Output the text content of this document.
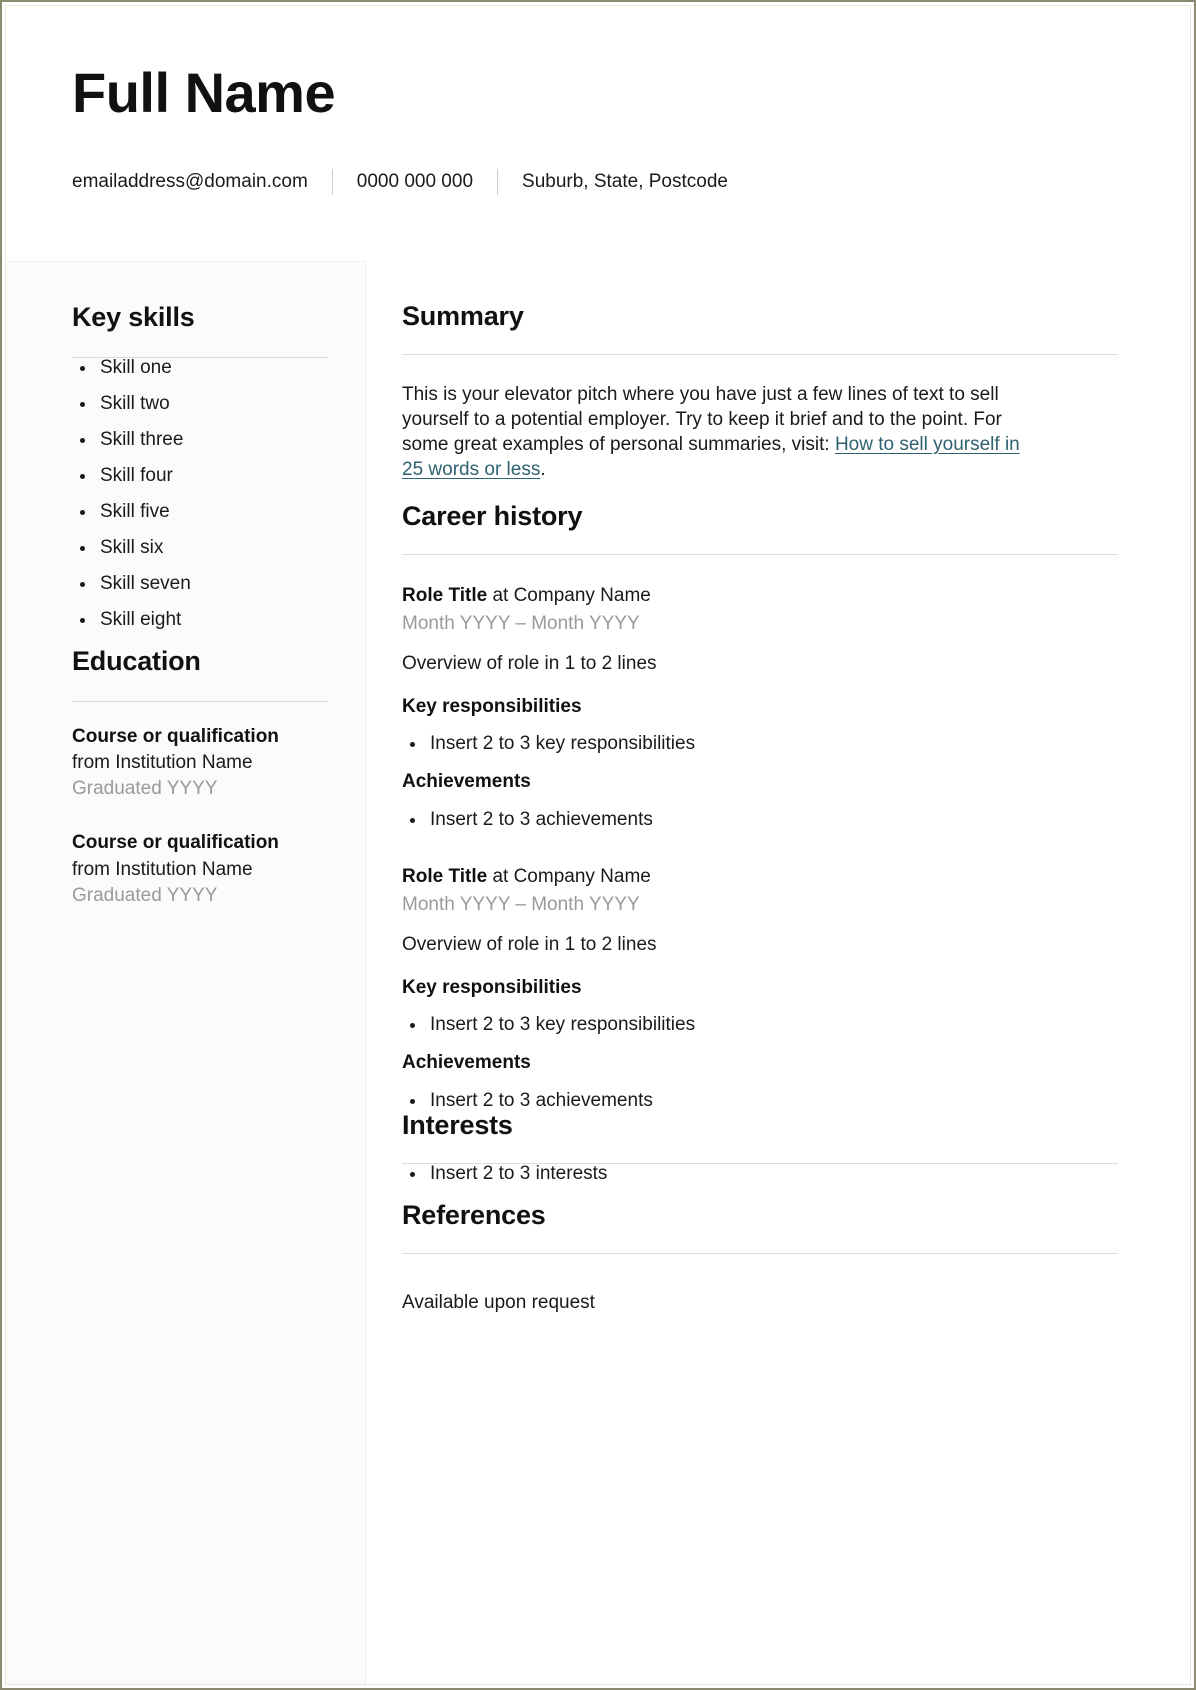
Full Name
emailaddress@domain.com	0000 000 000	Suburb, State, Postcode
Key skills
Skill one
Skill two
Skill three
Skill four
Skill five
Skill six
Skill seven
Skill eight
Education
Course or qualification
from Institution Name
Graduated YYYY
Course or qualification
from Institution Name
Graduated YYYY
Summary

This is your elevator pitch where you have just a few lines of text to sell yourself to a potential employer. Try to keep it brief and to the point. For some great examples of personal summaries, visit: How to sell yourself in 25 words or less.

Career history
Role Title at Company Name
Month YYYY – Month YYYY
Overview of role in 1 to 2 lines
Key responsibilities
Insert 2 to 3 key responsibilities
Achievements
Insert 2 to 3 achievements
Role Title at Company Name
Month YYYY – Month YYYY
Overview of role in 1 to 2 lines
Key responsibilities
Insert 2 to 3 key responsibilities
Achievements
Insert 2 to 3 achievements
Interests
Insert 2 to 3 interests
References

Available upon request
